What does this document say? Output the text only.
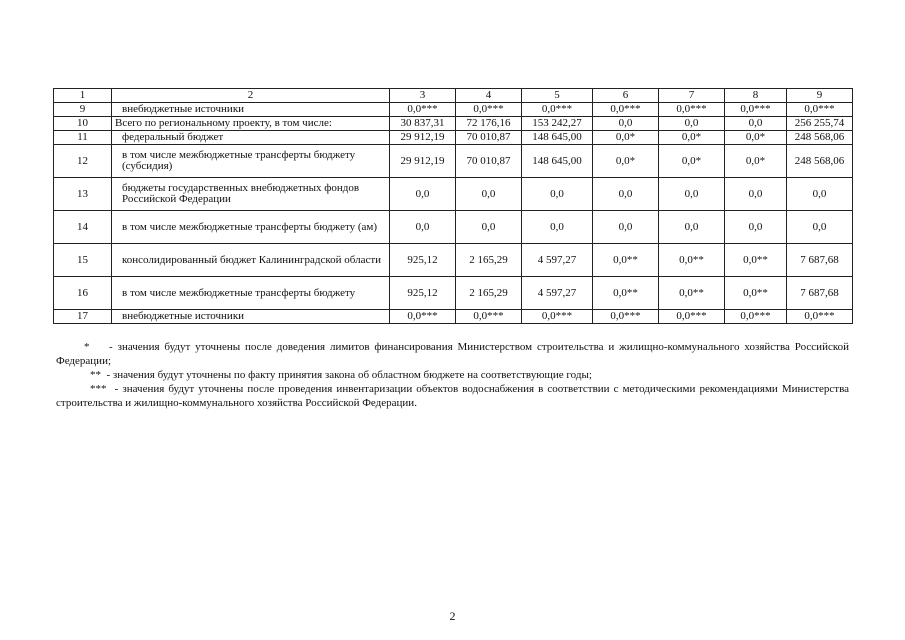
1	2	3	4	5	6	7	8	9
9	внебюджетные источники	0,0***	0,0***	0,0***	0,0***	0,0***	0,0***	0,0***
10	Всего по региональному проекту, в том числе:	30 837,31	72 176,16	153 242,27	0,0	0,0	0,0	256 255,74
11	федеральный бюджет	29 912,19	70 010,87	148 645,00	0,0*	0,0*	0,0*	248 568,06
12	в том числе межбюджетные трансферты бюджету (субсидия)	29 912,19	70 010,87	148 645,00	0,0*	0,0*	0,0*	248 568,06
13	бюджеты государственных внебюджетных фондов Российской Федерации	0,0	0,0	0,0	0,0	0,0	0,0	0,0
14	в том числе межбюджетные трансферты бюджету (ам)	0,0	0,0	0,0	0,0	0,0	0,0	0,0
15	консолидированный бюджет Калининградской области	925,12	2 165,29	4 597,27	0,0**	0,0**	0,0**	7 687,68
16	в том числе межбюджетные трансферты бюджету	925,12	2 165,29	4 597,27	0,0**	0,0**	0,0**	7 687,68
17	внебюджетные источники	0,0***	0,0***	0,0***	0,0***	0,0***	0,0***	0,0***

* - значения будут уточнены после доведения лимитов финансирования Министерством строительства и жилищно-коммунального хозяйства Российской Федерации;

** - значения будут уточнены по факту принятия закона об областном бюджете на соответствующие годы;

*** - значения будут уточнены после проведения инвентаризации объектов водоснабжения в соответствии с методическими рекомендациями Министерства строительства и жилищно-коммунального хозяйства Российской Федерации.

2
